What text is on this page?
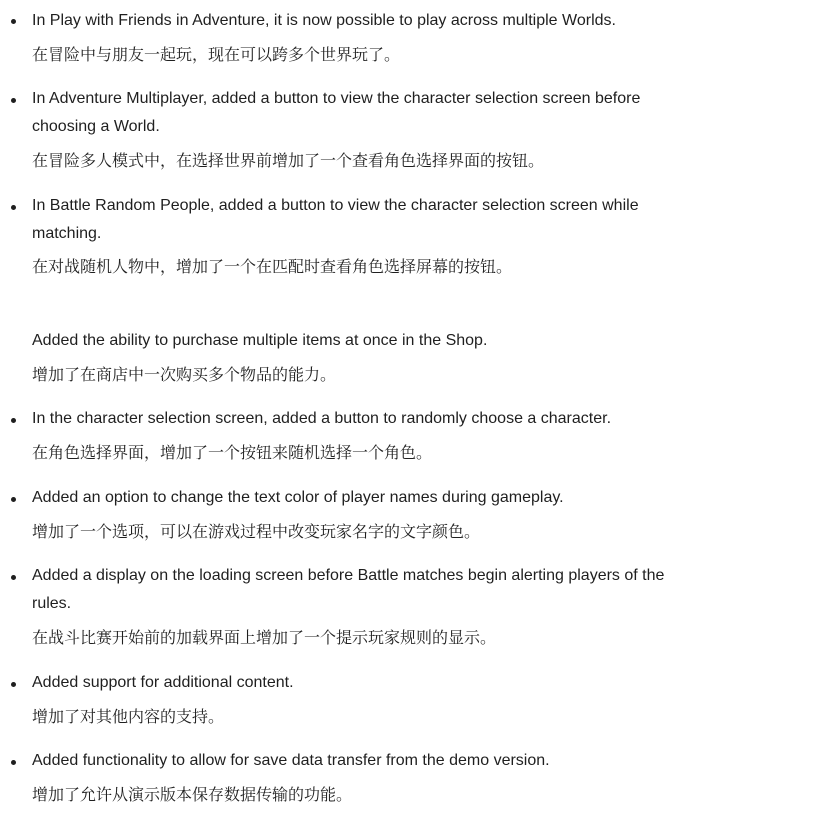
In Play with Friends in Adventure, it is now possible to play across multiple Worlds.
在冒险中与朋友一起玩，现在可以跨多个世界玩了。
In Adventure Multiplayer, added a button to view the character selection screen before choosing a World.
在冒险多人模式中，在选择世界前增加了一个查看角色选择界面的按钮。
In Battle Random People, added a button to view the character selection screen while matching.
在对战随机人物中，增加了一个在匹配时查看角色选择屏幕的按钮。
Added the ability to purchase multiple items at once in the Shop.
增加了在商店中一次购买多个物品的能力。
In the character selection screen, added a button to randomly choose a character.
在角色选择界面，增加了一个按钮来随机选择一个角色。
Added an option to change the text color of player names during gameplay.
增加了一个选项，可以在游戏过程中改变玩家名字的文字颜色。
Added a display on the loading screen before Battle matches begin alerting players of the rules.
在战斗比赛开始前的加载界面上增加了一个提示玩家规则的显示。
Added support for additional content.
增加了对其他内容的支持。
Added functionality to allow for save data transfer from the demo version.
增加了允许从演示版本保存数据传输的功能。
